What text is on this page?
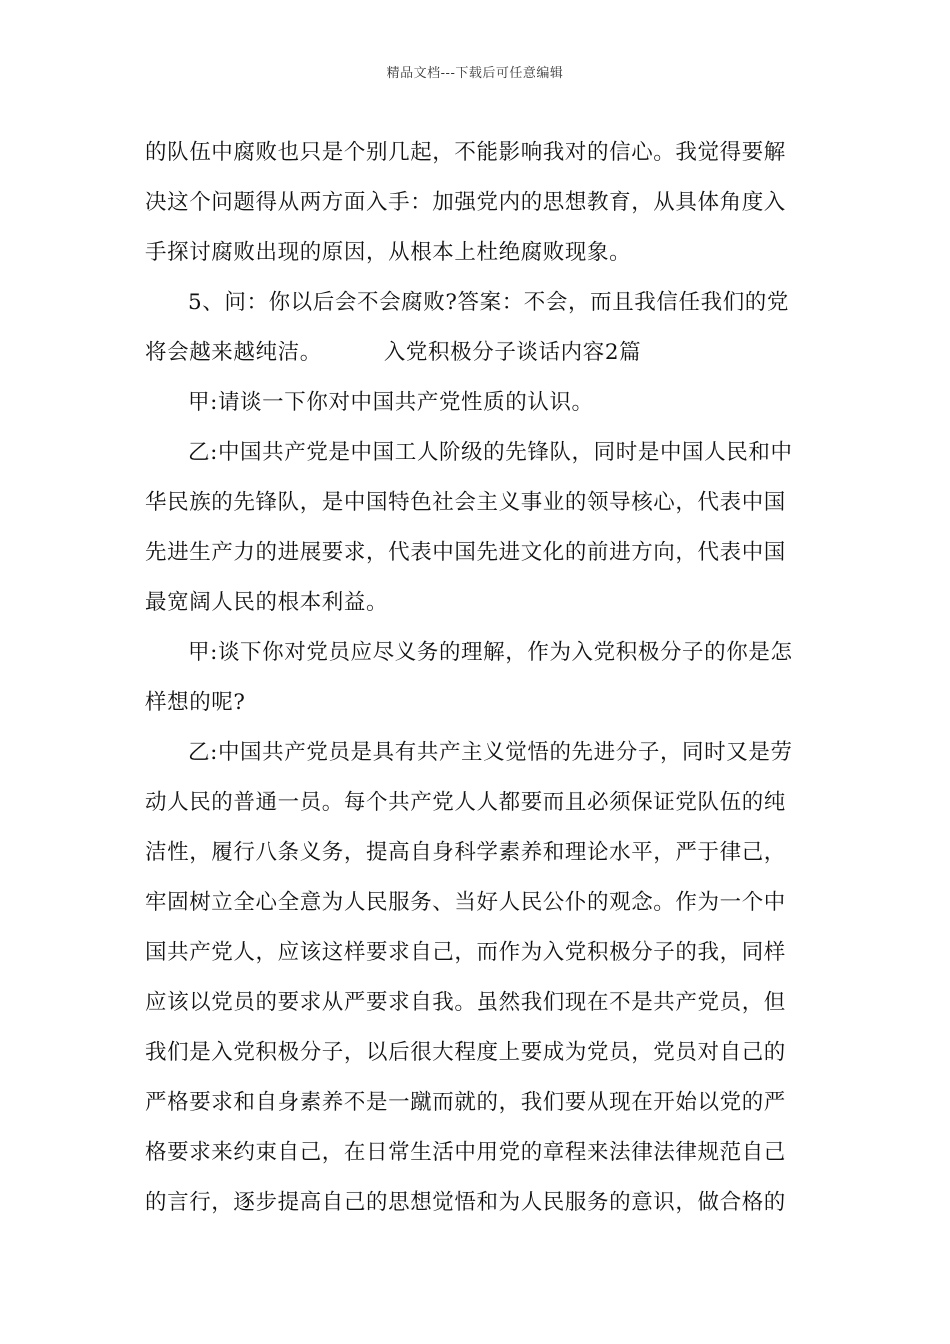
精品文档---下载后可任意编辑
的队伍中腐败也只是个别几起，不能影响我对的信心。我觉得要解
决这个问题得从两方面入手：加强党内的思想教育，从具体角度入
手探讨腐败出现的原因，从根本上杜绝腐败现象。
5、问：你以后会不会腐败?答案：不会，而且我信任我们的党
将会越来越纯洁。	入党积极分子谈话内容2篇
甲:请谈一下你对中国共产党性质的认识。
乙:中国共产党是中国工人阶级的先锋队，同时是中国人民和中
华民族的先锋队，是中国特色社会主义事业的领导核心，代表中国
先进生产力的进展要求，代表中国先进文化的前进方向，代表中国
最宽阔人民的根本利益。
甲:谈下你对党员应尽义务的理解，作为入党积极分子的你是怎
样想的呢?
乙:中国共产党员是具有共产主义觉悟的先进分子，同时又是劳
动人民的普通一员。每个共产党人人都要而且必须保证党队伍的纯
洁性，履行八条义务，提高自身科学素养和理论水平，严于律己，
牢固树立全心全意为人民服务、当好人民公仆的观念。作为一个中
国共产党人，应该这样要求自己，而作为入党积极分子的我，同样
应该以党员的要求从严要求自我。虽然我们现在不是共产党员，但
我们是入党积极分子，以后很大程度上要成为党员，党员对自己的
严格要求和自身素养不是一蹴而就的，我们要从现在开始以党的严
格要求来约束自己，在日常生活中用党的章程来法律法律规范自己
的言行，逐步提高自己的思想觉悟和为人民服务的意识，做合格的
